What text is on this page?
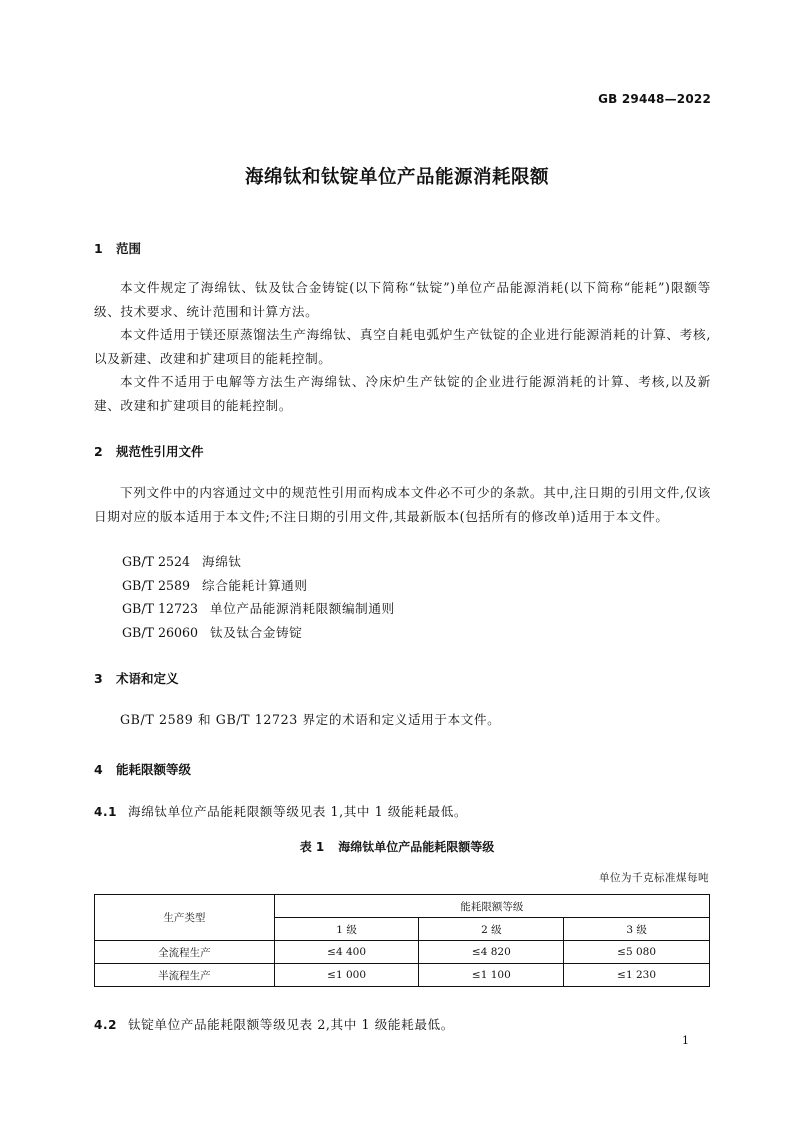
GB 29448—2022
海绵钛和钛锭单位产品能源消耗限额
1 范围
本文件规定了海绵钛、钛及钛合金铸锭(以下简称“钛锭”)单位产品能源消耗(以下简称“能耗”)限额等级、技术要求、统计范围和计算方法。
本文件适用于镁还原蒸馏法生产海绵钛、真空自耗电弧炉生产钛锭的企业进行能源消耗的计算、考核,以及新建、改建和扩建项目的能耗控制。
本文件不适用于电解等方法生产海绵钛、冷床炉生产钛锭的企业进行能源消耗的计算、考核,以及新建、改建和扩建项目的能耗控制。
2 规范性引用文件
下列文件中的内容通过文中的规范性引用而构成本文件必不可少的条款。其中,注日期的引用文件,仅该日期对应的版本适用于本文件;不注日期的引用文件,其最新版本(包括所有的修改单)适用于本文件。
GB/T 2524 海绵钛
GB/T 2589 综合能耗计算通则
GB/T 12723 单位产品能源消耗限额编制通则
GB/T 26060 钛及钛合金铸锭
3 术语和定义
GB/T 2589 和 GB/T 12723 界定的术语和定义适用于本文件。
4 能耗限额等级
4.1 海绵钛单位产品能耗限额等级见表 1,其中 1 级能耗最低。
表 1 海绵钛单位产品能耗限额等级
单位为千克标准煤每吨
生产类型	能耗限额等级		
	1 级	2 级	3 级
全流程生产	≤4 400	≤4 820	≤5 080
半流程生产	≤1 000	≤1 100	≤1 230
4.2 钛锭单位产品能耗限额等级见表 2,其中 1 级能耗最低。
1
